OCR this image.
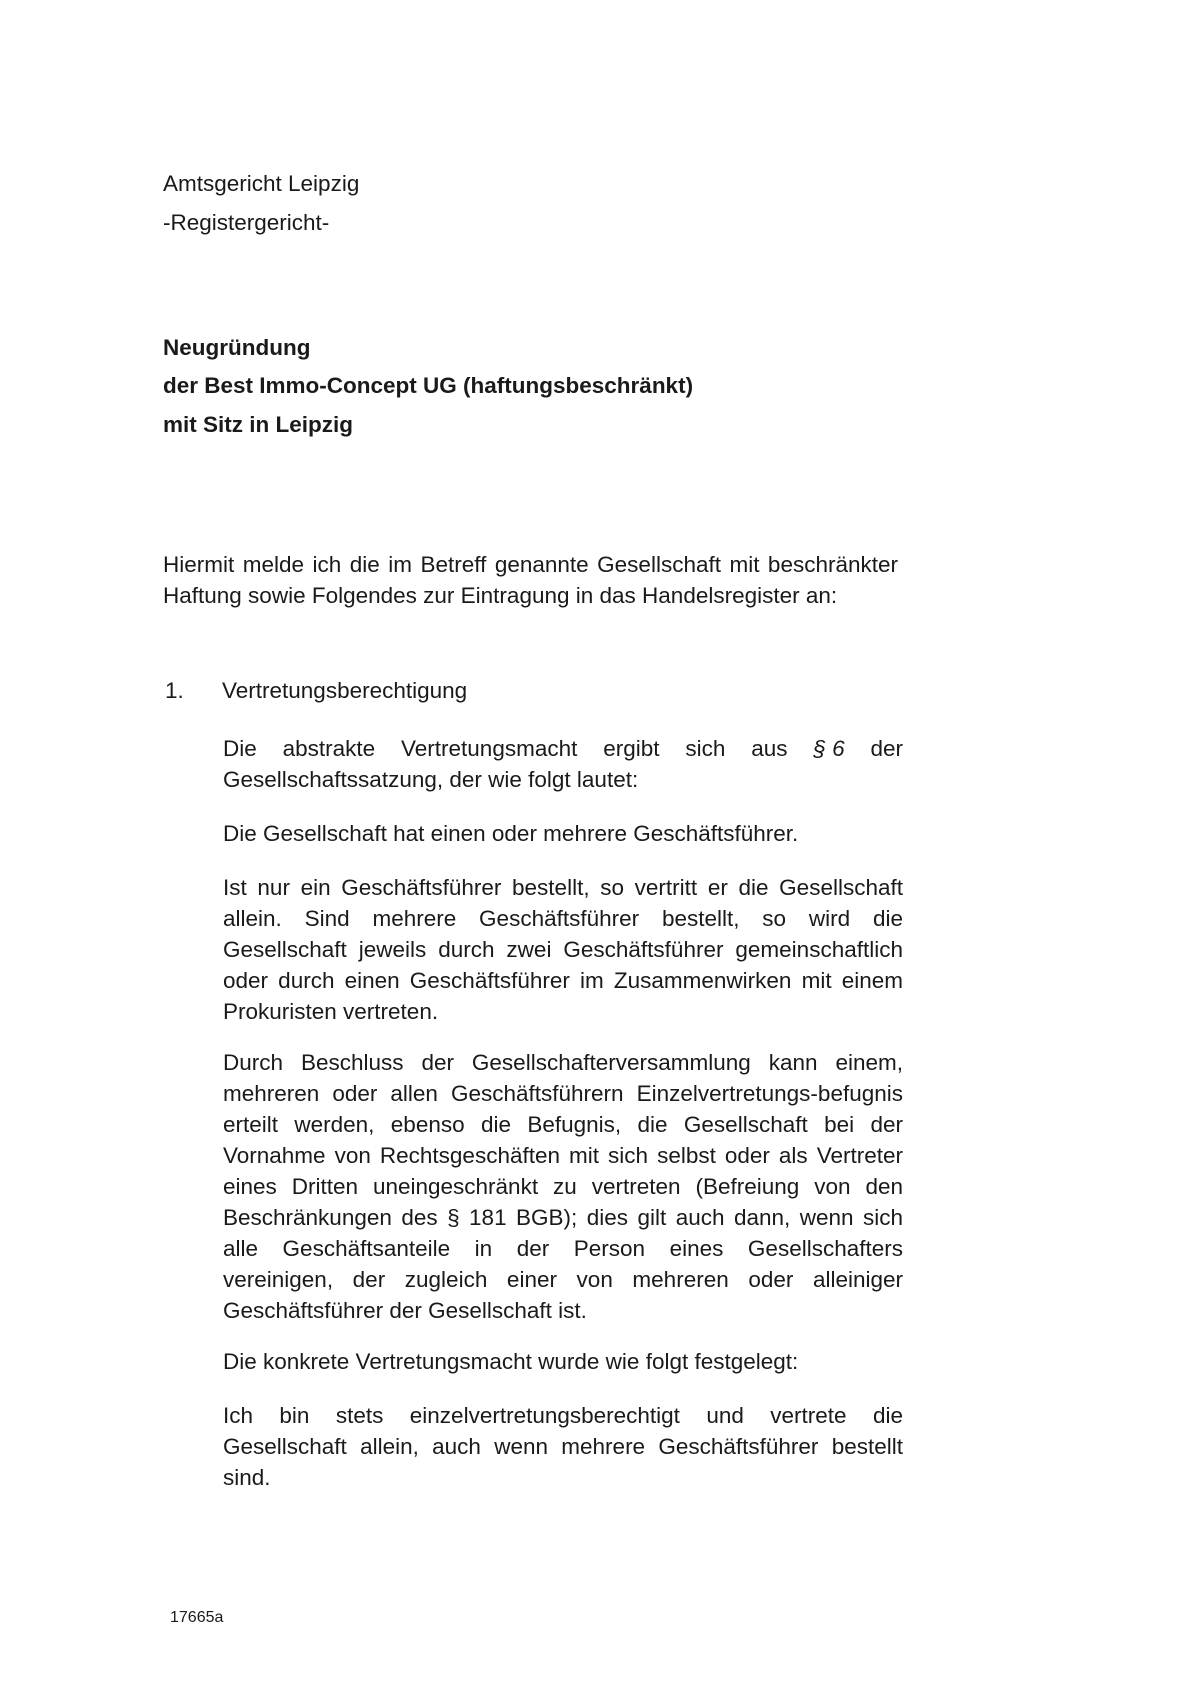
Amtsgericht Leipzig
-Registergericht-
Neugründung
der Best Immo-Concept UG (haftungsbeschränkt)
mit Sitz in Leipzig
Hiermit melde ich die im Betreff genannte Gesellschaft mit beschränkter Haftung sowie Folgendes zur Eintragung in das Handelsregister an:
1. Vertretungsberechtigung
Die abstrakte Vertretungsmacht ergibt sich aus § 6 der
Gesellschaftssatzung, der wie folgt lautet:
Die Gesellschaft hat einen oder mehrere Geschäftsführer.
Ist nur ein Geschäftsführer bestellt, so vertritt er die Gesellschaft allein. Sind mehrere Geschäftsführer bestellt, so wird die Gesellschaft jeweils durch zwei Geschäftsführer gemeinschaftlich oder durch einen Geschäftsführer im Zusammenwirken mit einem Prokuristen vertreten.
Durch Beschluss der Gesellschafterversammlung kann einem, mehreren oder allen Geschäftsführern Einzelvertretungs-befugnis erteilt werden, ebenso die Befugnis, die Gesellschaft bei der Vornahme von Rechtsgeschäften mit sich selbst oder als Vertreter eines Dritten uneingeschränkt zu vertreten (Befreiung von den Beschränkungen des § 181 BGB); dies gilt auch dann, wenn sich alle Geschäftsanteile in der Person eines Gesellschafters vereinigen, der zugleich einer von mehreren oder alleiniger Geschäftsführer der Gesellschaft ist.
Die konkrete Vertretungsmacht wurde wie folgt festgelegt:
Ich bin stets einzelvertretungsberechtigt und vertrete die Gesellschaft allein, auch wenn mehrere Geschäftsführer bestellt sind.
17665a
